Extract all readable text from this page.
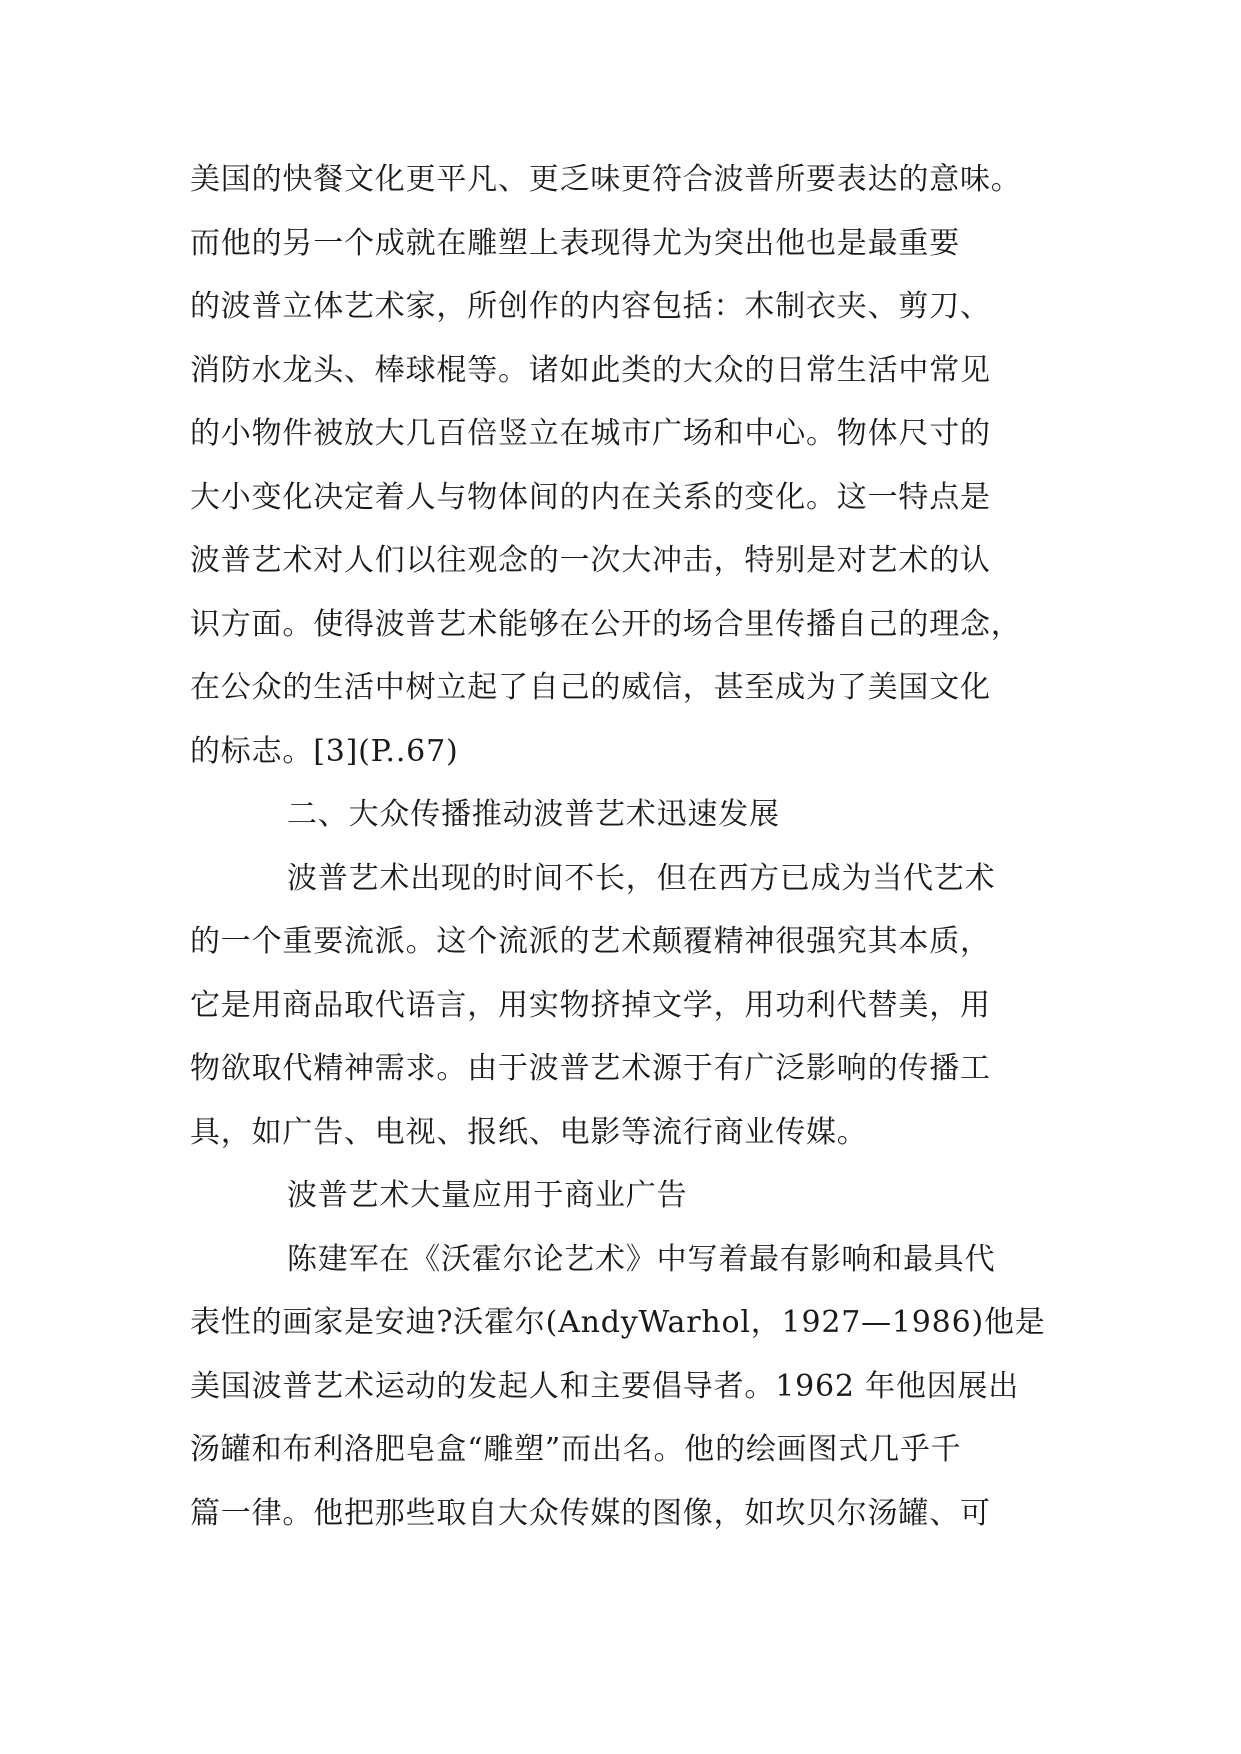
美国的快餐文化更平凡、更乏味更符合波普所要表达的意味。
而他的另一个成就在雕塑上表现得尤为突出他也是最重要
的波普立体艺术家，所创作的内容包括：木制衣夹、剪刀、
消防水龙头、棒球棍等。诸如此类的大众的日常生活中常见
的小物件被放大几百倍竖立在城市广场和中心。物体尺寸的
大小变化决定着人与物体间的内在关系的变化。这一特点是
波普艺术对人们以往观念的一次大冲击，特别是对艺术的认
识方面。使得波普艺术能够在公开的场合里传播自己的理念，
在公众的生活中树立起了自己的威信，甚至成为了美国文化
的标志。[3](P..67)
二、大众传播推动波普艺术迅速发展
波普艺术出现的时间不长，但在西方已成为当代艺术
的一个重要流派。这个流派的艺术颠覆精神很强究其本质，
它是用商品取代语言，用实物挤掉文学，用功利代替美，用
物欲取代精神需求。由于波普艺术源于有广泛影响的传播工
具，如广告、电视、报纸、电影等流行商业传媒。
波普艺术大量应用于商业广告
陈建军在《沃霍尔论艺术》中写着最有影响和最具代
表性的画家是安迪?沃霍尔(AndyWarhol，1927—1986)他是
美国波普艺术运动的发起人和主要倡导者。1962 年他因展出
汤罐和布利洛肥皂盒“雕塑”而出名。他的绘画图式几乎千
篇一律。他把那些取自大众传媒的图像，如坎贝尔汤罐、可
